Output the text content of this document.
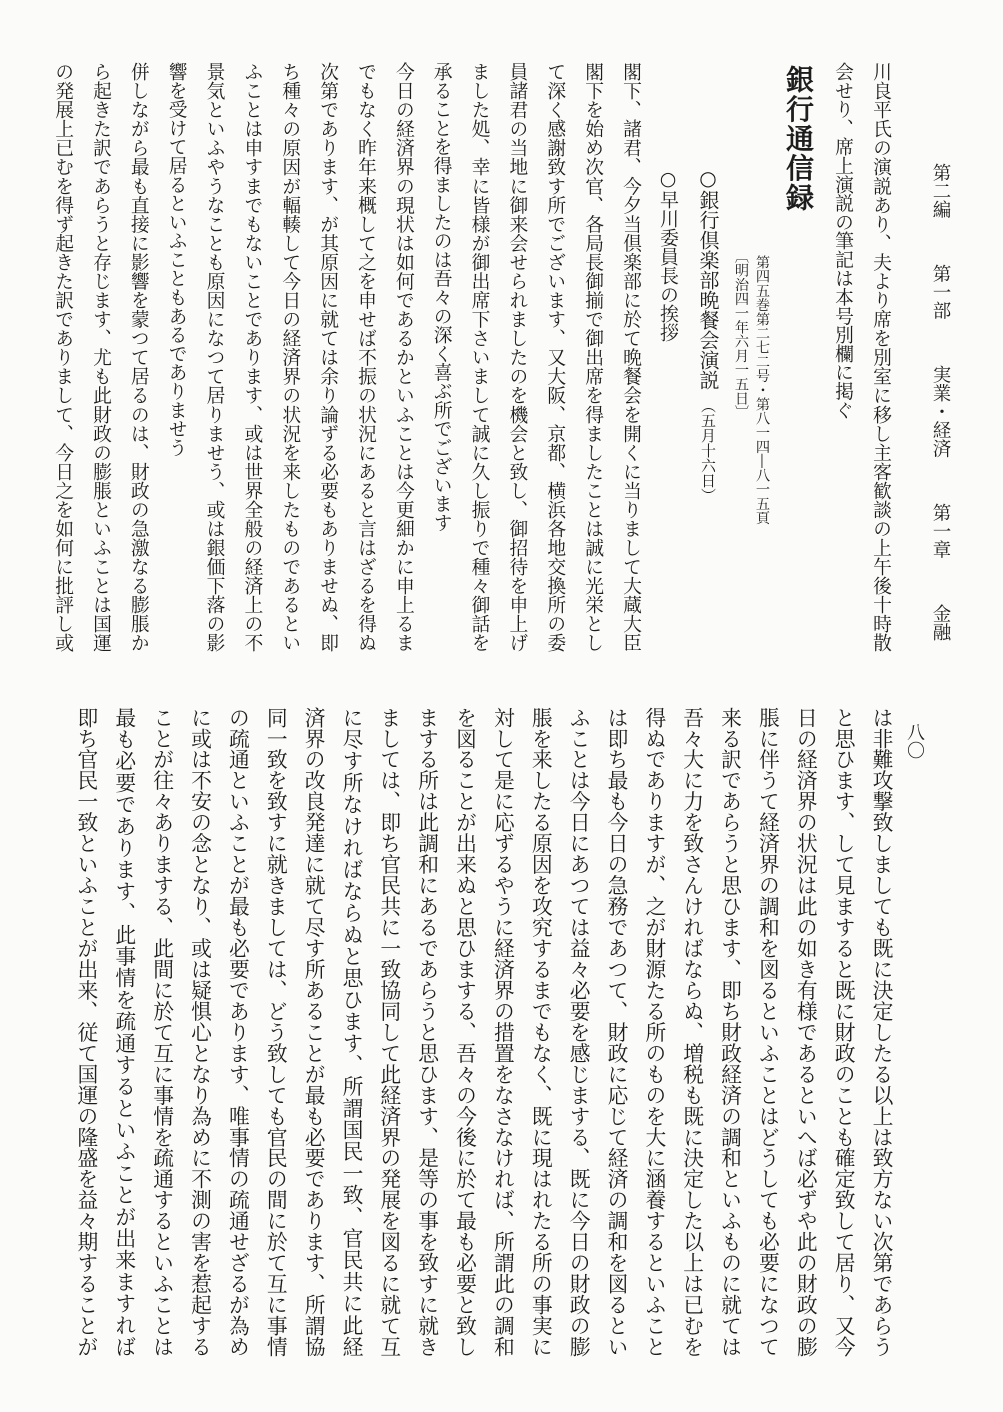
第二編
第一部
実業・経済
第一章
金融
八〇
川良平氏の演説あり、夫より席を別室に移し主客歓談の上午後十時散
会せり、席上演説の筆記は本号別欄に掲ぐ
銀行通信録
第四五巻第二七二号・第八一四―八一五頁
〔明治四一年六月一五日〕
○銀行倶楽部晩餐会演説（五月十六日）
○早川委員長の挨拶
閣下、諸君、今夕当倶楽部に於て晩餐会を開くに当りまして大蔵大臣
閣下を始め次官、各局長御揃で御出席を得ましたことは誠に光栄とし
て深く感謝致す所でございます、又大阪、京都、横浜各地交換所の委
員諸君の当地に御来会せられましたのを機会と致し、御招待を申上げ
ました処、幸に皆様が御出席下さいまして誠に久し振りで種々御話を
承ることを得ましたのは吾々の深く喜ぶ所でございます
今日の経済界の現状は如何であるかといふことは今更細かに申上るま
でもなく昨年来概して之を申せば不振の状況にあると言はざるを得ぬ
次第であります、が其原因に就ては余り論ずる必要もありませぬ、即
ち種々の原因が輻輳して今日の経済界の状況を来したものであるとい
ふことは申すまでもないことであります、或は世界全般の経済上の不
景気といふやうなことも原因になつて居りませう、或は銀価下落の影
響を受けて居るといふこともあるでありませう
併しながら最も直接に影響を蒙つて居るのは、財政の急激なる膨脹か
ら起きた訳であらうと存じます、尤も此財政の膨脹といふことは国運
の発展上已むを得ず起きた訳でありまして、今日之を如何に批評し或
は非難攻撃致しましても既に決定したる以上は致方ない次第であらう
と思ひます、して見ますると既に財政のことも確定致して居り、又今
日の経済界の状況は此の如き有様であるといへば必ずや此の財政の膨
脹に伴うて経済界の調和を図るといふことはどうしても必要になつて
来る訳であらうと思ひます、即ち財政経済の調和といふものに就ては
吾々大に力を致さんければならぬ、増税も既に決定した以上は已むを
得ぬでありますが、之が財源たる所のものを大に涵養するといふこと
は即ち最も今日の急務であつて、財政に応じて経済の調和を図るとい
ふことは今日にあつては益々必要を感じまする、既に今日の財政の膨
脹を来したる原因を攻究するまでもなく、既に現はれたる所の事実に
対して是に応ずるやうに経済界の措置をなさなければ、所謂此の調和
を図ることが出来ぬと思ひまする、吾々の今後に於て最も必要と致し
まする所は此調和にあるであらうと思ひます、是等の事を致すに就き
ましては、即ち官民共に一致協同して此経済界の発展を図るに就て互
に尽す所なければならぬと思ひます、所謂国民一致、官民共に此経
済界の改良発達に就て尽す所あることが最も必要であります、所謂協
同一致を致すに就きましては、どう致しても官民の間に於て互に事情
の疏通といふことが最も必要であります、唯事情の疏通せざるが為め
に或は不安の念となり、或は疑惧心となり為めに不測の害を惹起する
ことが往々ありまする、此間に於て互に事情を疏通するといふことは
最も必要であります、此事情を疏通するといふことが出来ますれば
即ち官民一致といふことが出来、従て国運の隆盛を益々期することが
